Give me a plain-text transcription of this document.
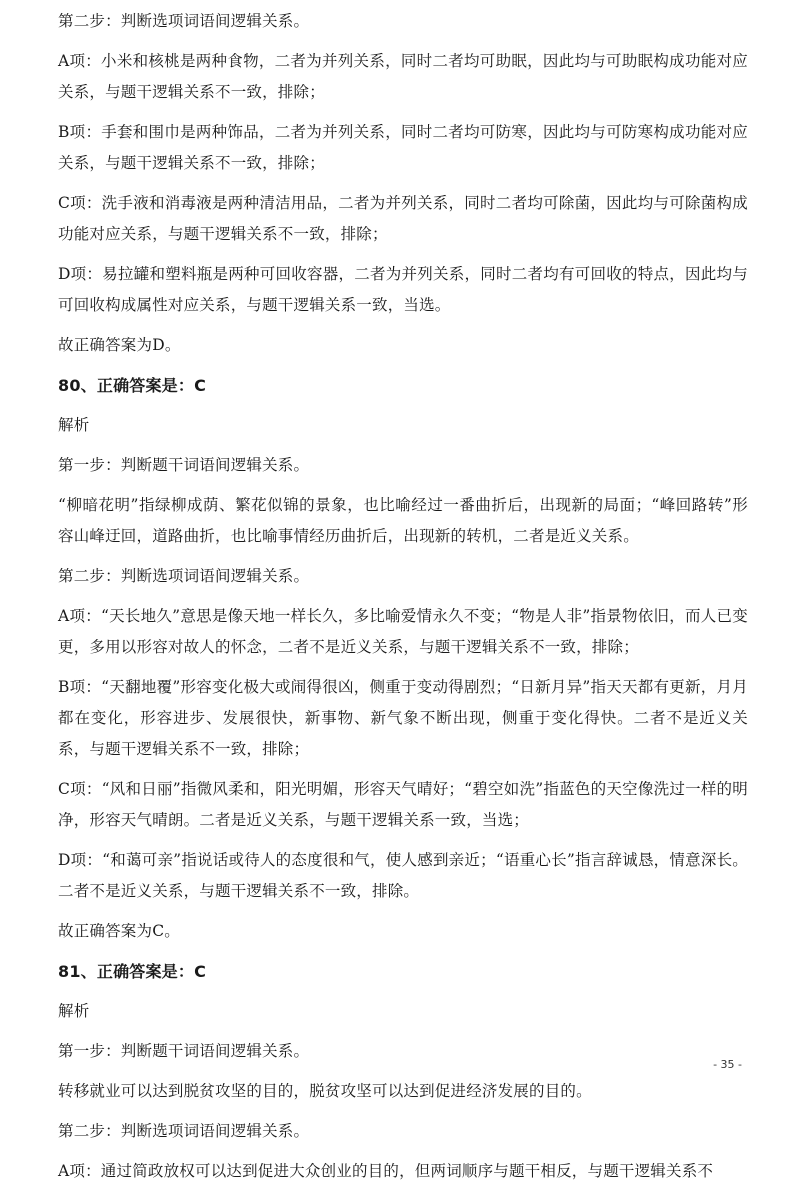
第二步：判断选项词语间逻辑关系。

A项：小米和核桃是两种食物，二者为并列关系，同时二者均可助眠，因此均与可助眠构成功能对应关系，与题干逻辑关系不一致，排除；

B项：手套和围巾是两种饰品，二者为并列关系，同时二者均可防寒，因此均与可防寒构成功能对应关系，与题干逻辑关系不一致，排除；

C项：洗手液和消毒液是两种清洁用品，二者为并列关系，同时二者均可除菌，因此均与可除菌构成功能对应关系，与题干逻辑关系不一致，排除；

D项：易拉罐和塑料瓶是两种可回收容器，二者为并列关系，同时二者均有可回收的特点，因此均与可回收构成属性对应关系，与题干逻辑关系一致，当选。

故正确答案为D。

80、正确答案是：C

解析

第一步：判断题干词语间逻辑关系。

“柳暗花明”指绿柳成荫、繁花似锦的景象，也比喻经过一番曲折后，出现新的局面；“峰回路转”形容山峰迂回，道路曲折，也比喻事情经历曲折后，出现新的转机，二者是近义关系。

第二步：判断选项词语间逻辑关系。

A项：“天长地久”意思是像天地一样长久，多比喻爱情永久不变；“物是人非”指景物依旧，而人已变更，多用以形容对故人的怀念，二者不是近义关系，与题干逻辑关系不一致，排除；

B项：“天翻地覆”形容变化极大或闹得很凶，侧重于变动得剧烈；“日新月异”指天天都有更新，月月都在变化，形容进步、发展很快，新事物、新气象不断出现，侧重于变化得快。二者不是近义关系，与题干逻辑关系不一致，排除；

C项：“风和日丽”指微风柔和，阳光明媚，形容天气晴好；“碧空如洗”指蓝色的天空像洗过一样的明净，形容天气晴朗。二者是近义关系，与题干逻辑关系一致，当选；

D项：“和蔼可亲”指说话或待人的态度很和气，使人感到亲近；“语重心长”指言辞诚恳，情意深长。二者不是近义关系，与题干逻辑关系不一致，排除。

故正确答案为C。

81、正确答案是：C

解析

第一步：判断题干词语间逻辑关系。

转移就业可以达到脱贫攻坚的目的，脱贫攻坚可以达到促进经济发展的目的。

第二步：判断选项词语间逻辑关系。

A项：通过简政放权可以达到促进大众创业的目的，但两词顺序与题干相反，与题干逻辑关系不

- 35 -
